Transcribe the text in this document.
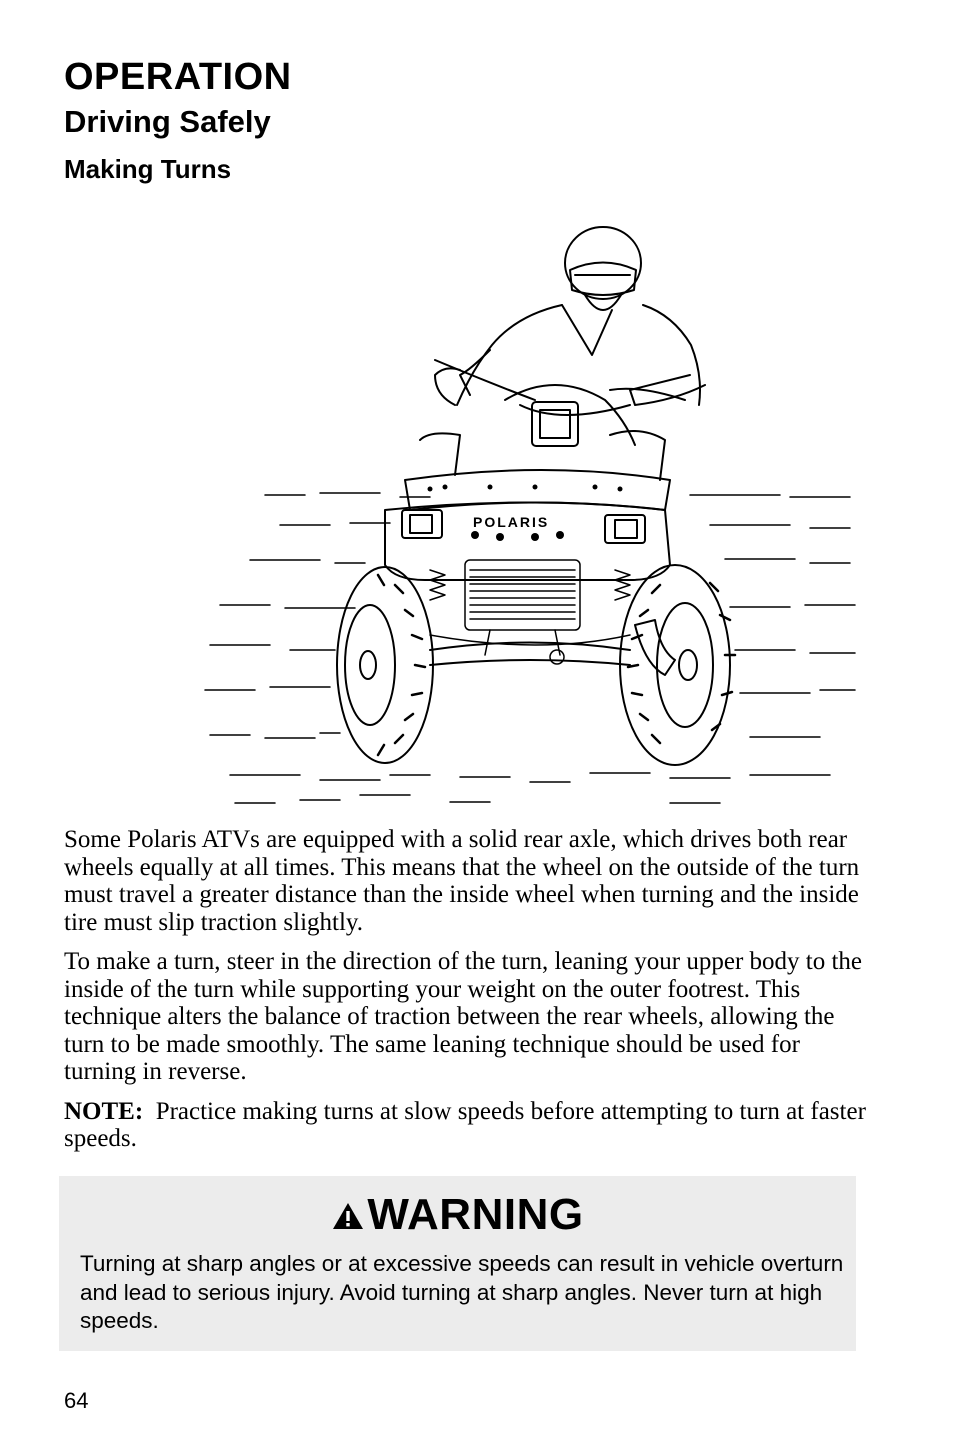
OPERATION
Driving Safely
Making Turns
POLARIS

Some Polaris ATVs are equipped with a solid rear axle, which drives both rear wheels equally at all times. This means that the wheel on the outside of the turn must travel a greater distance than the inside wheel when turning and the inside tire must slip traction slightly.

To make a turn, steer in the direction of the turn, leaning your upper body to the inside of the turn while supporting your weight on the outer footrest. This technique alters the balance of traction between the rear wheels, allowing the turn to be made smoothly. The same leaning technique should be used for turning in reverse.

NOTE: Practice making turns at slow speeds before attempting to turn at faster speeds.

WARNING
Turning at sharp angles or at excessive speeds can result in vehicle overturn and lead to serious injury. Avoid turning at sharp angles. Never turn at high speeds.
64
